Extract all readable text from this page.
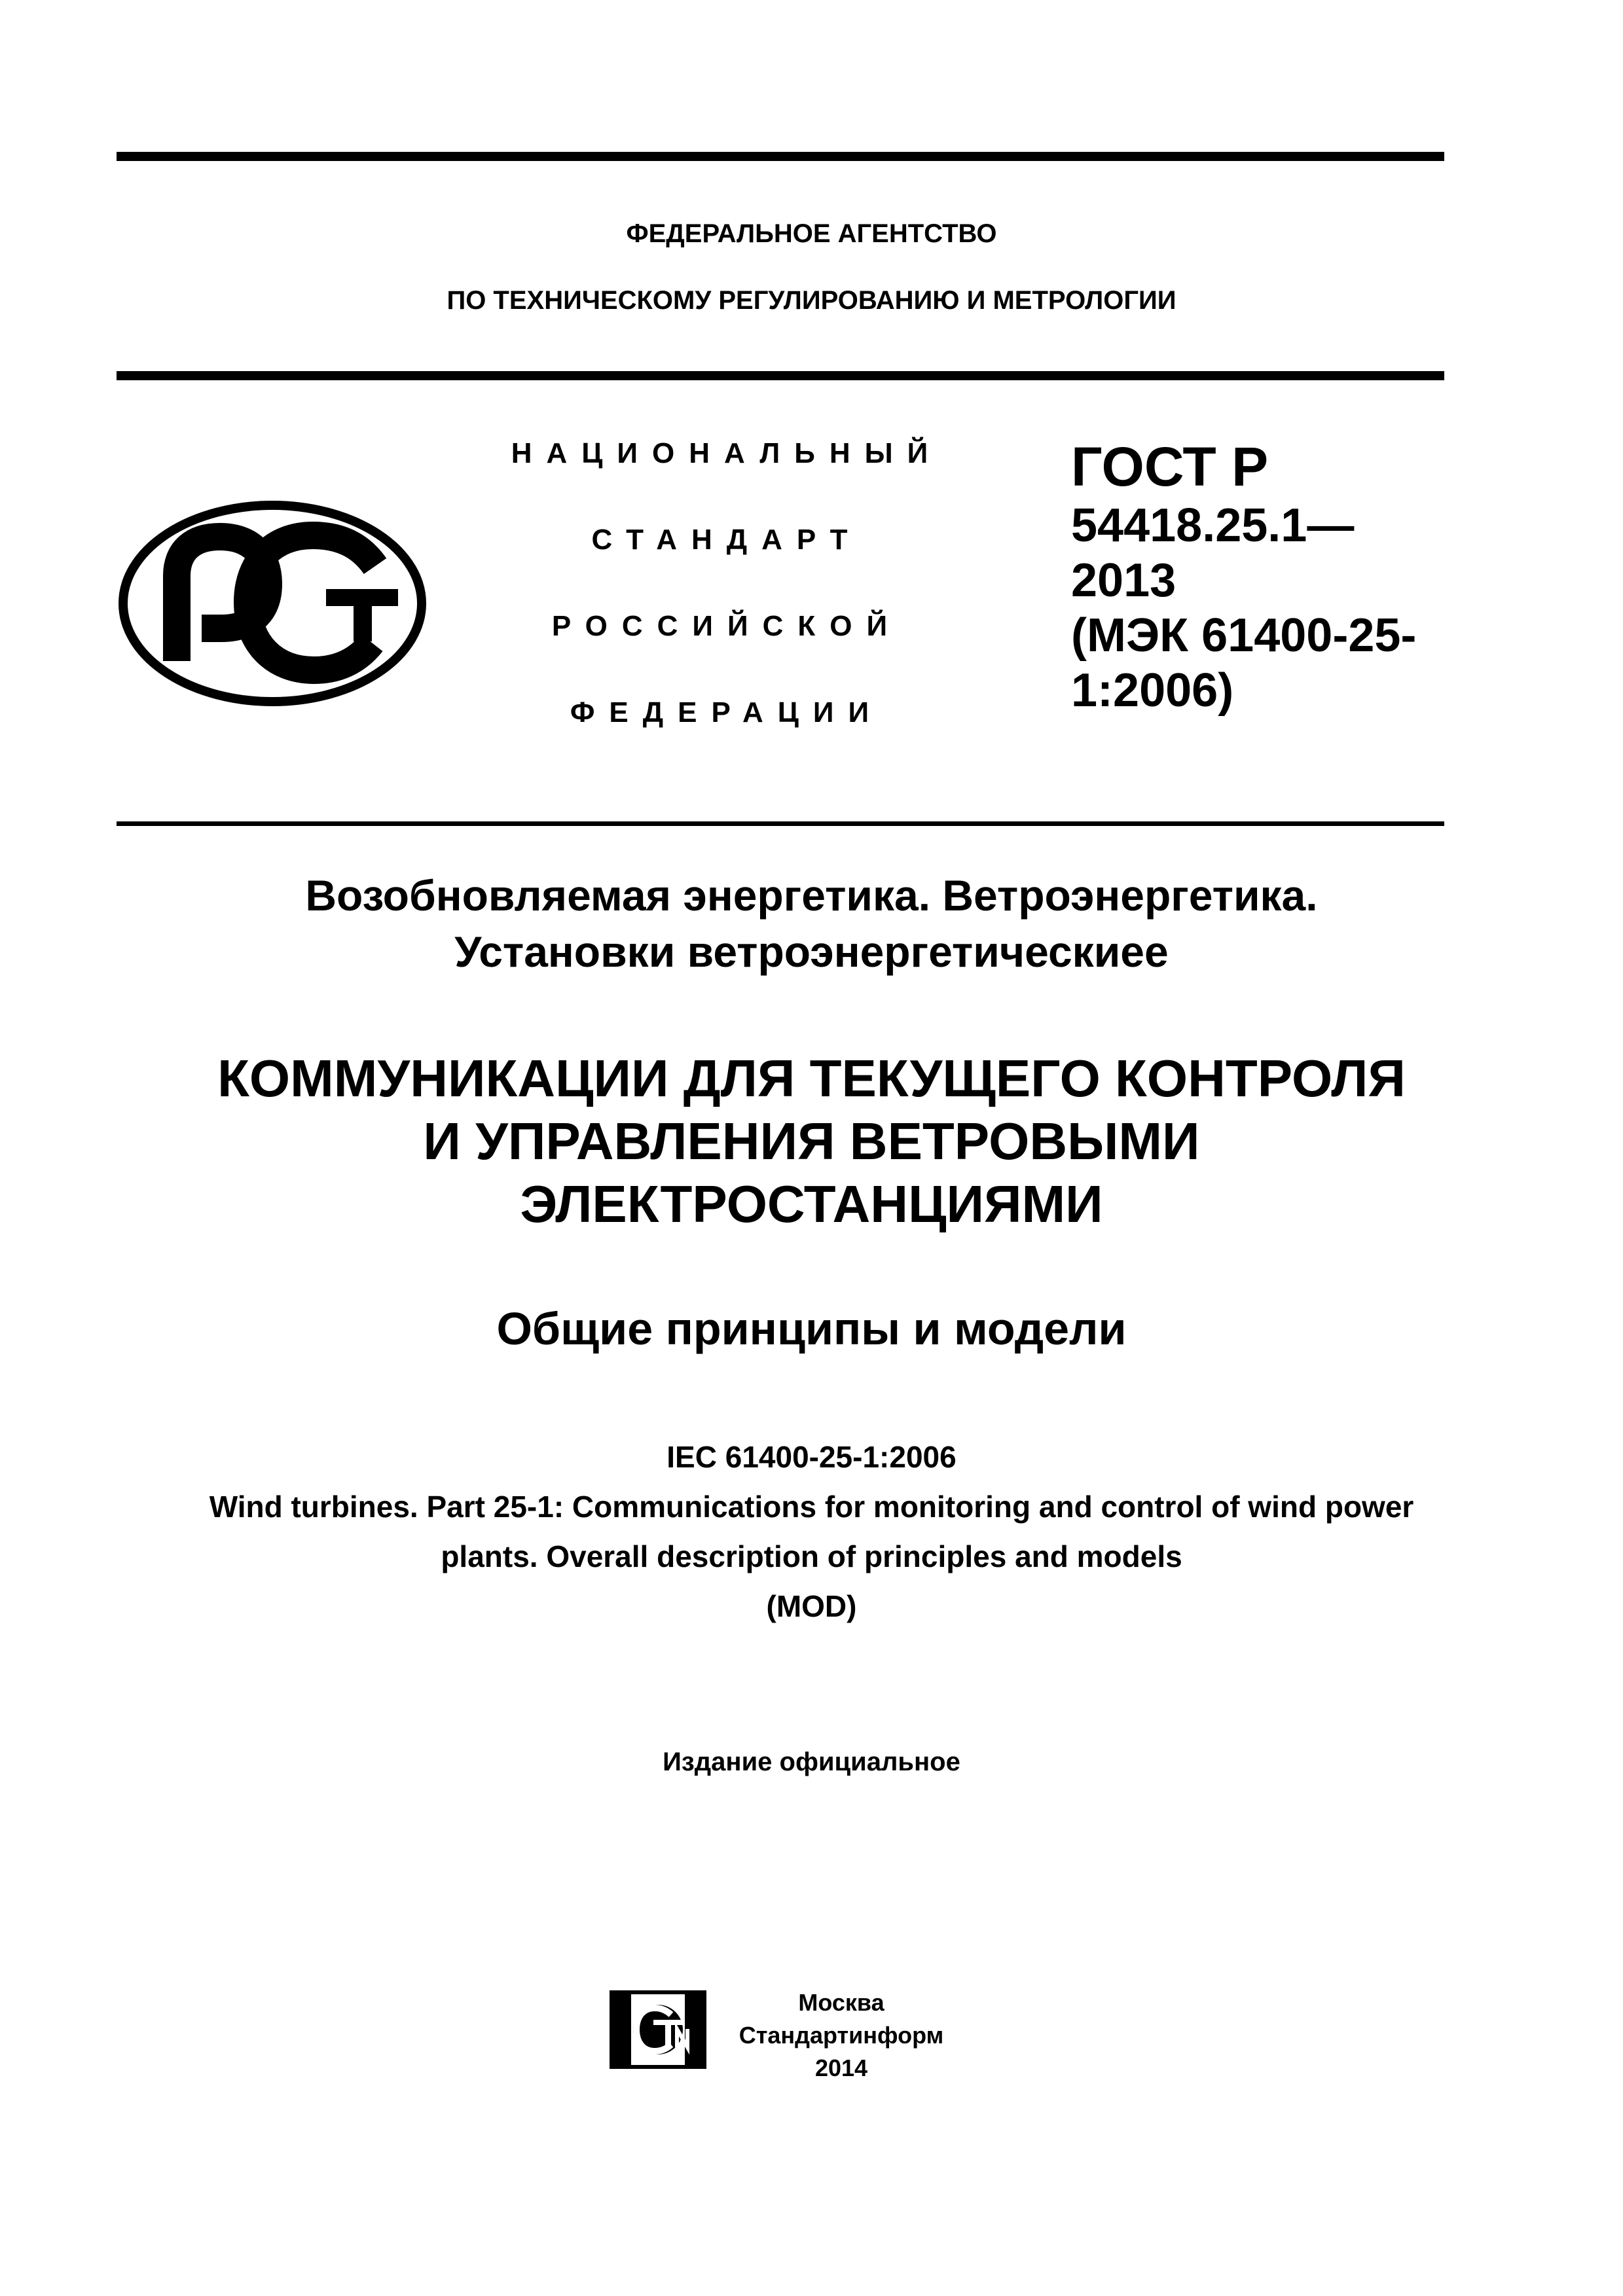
ФЕДЕРАЛЬНОЕ АГЕНТСТВО
ПО ТЕХНИЧЕСКОМУ РЕГУЛИРОВАНИЮ И МЕТРОЛОГИИ
НАЦИОНАЛЬНЫЙ
СТАНДАРТ
РОССИЙСКОЙ
ФЕДЕРАЦИИ
ГОСТ Р
54418.25.1—
2013
(МЭК 61400-25-
1:2006)
Возобновляемая энергетика. Ветроэнергетика.
Установки ветроэнергетическиее
КОММУНИКАЦИИ ДЛЯ ТЕКУЩЕГО КОНТРОЛЯ
И УПРАВЛЕНИЯ ВЕТРОВЫМИ
ЭЛЕКТРОСТАНЦИЯМИ
Общие принципы и модели
IEC 61400-25-1:2006
Wind turbines. Part 25-1: Communications for monitoring and control of wind power
plants. Overall description of principles and models
(MOD)
Издание официальное
Москва
Стандартинформ
2014
